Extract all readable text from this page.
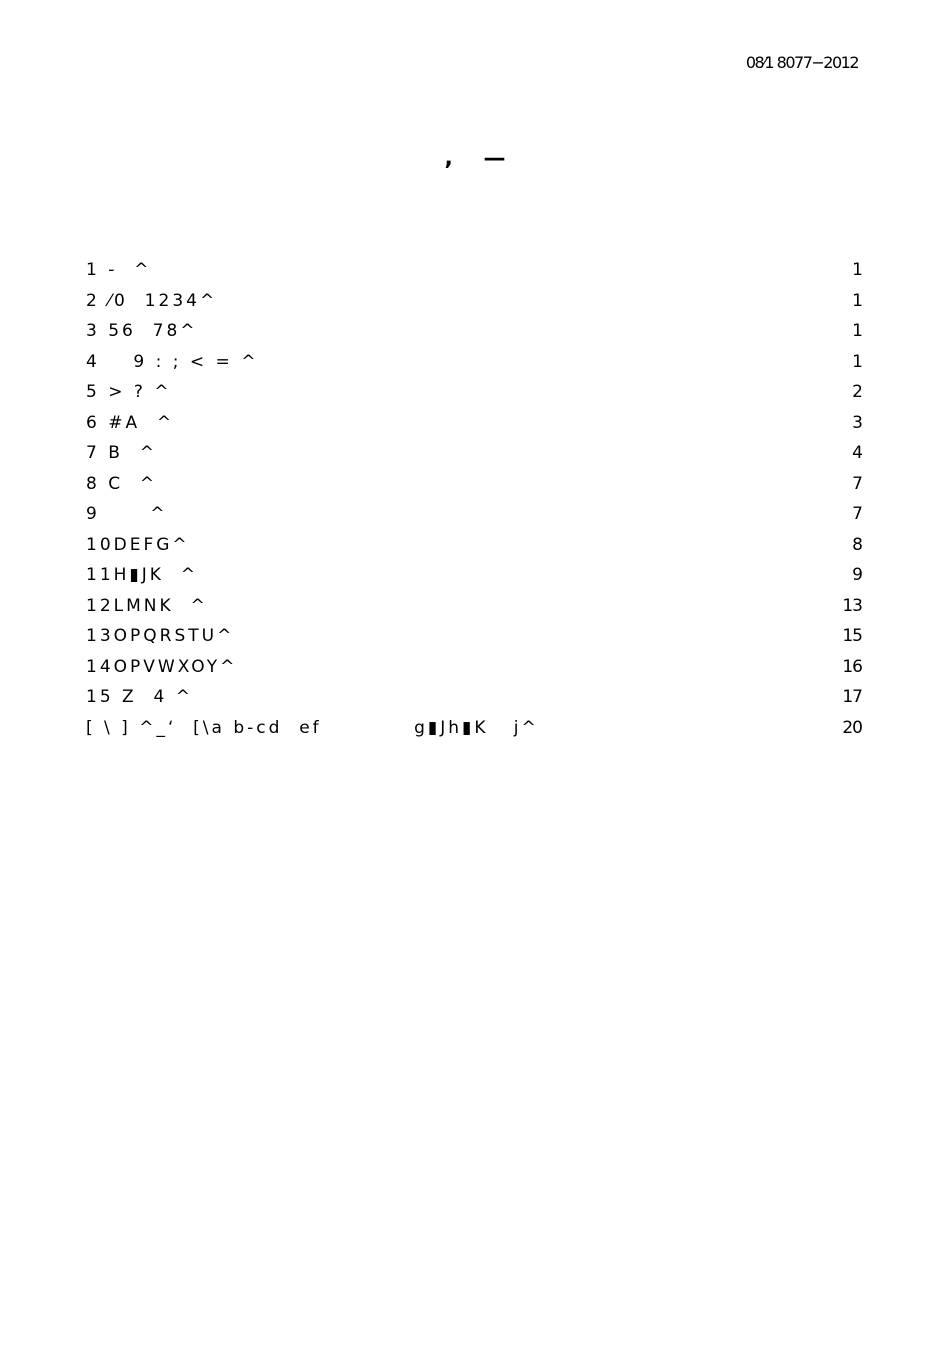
08⁄1 8077−2012
,    —
1 ‐  ^	1
2 ⁄0  1234^	1
3 56  78^	1
4    9 : ; < = ^	1
5 > ? ^	2
6 #A  ^	3
7 B  ^	4
8 C  ^	7
9      ^	7
10DEFG^	8
11H▮JK  ^	9
12LMNK  ^	13
13OPQRSTU^	15
14OPVWXOY^	16
15 Z  4 ^	17
[ \ ] ^_‘  [\a b-cd  ef           g▮Jh▮K   j^	20
